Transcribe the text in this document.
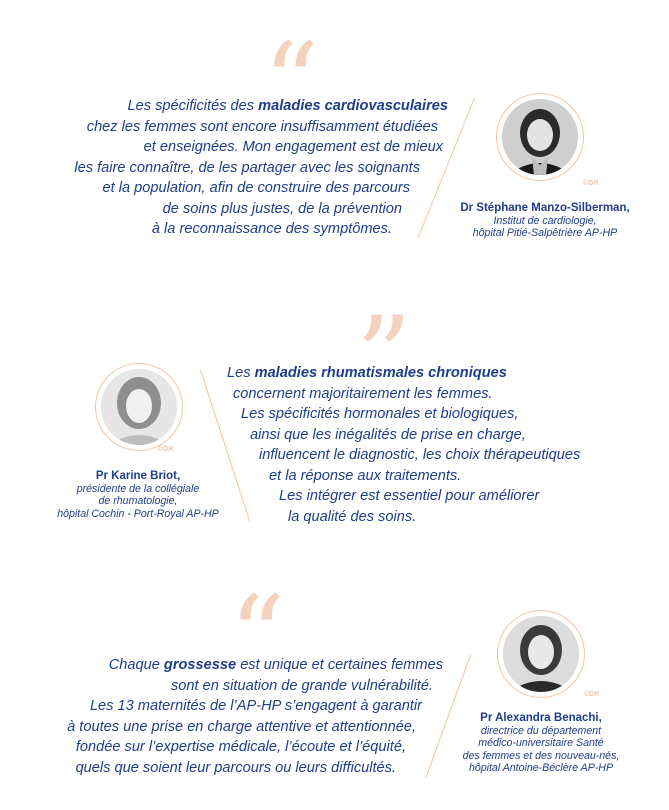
“
Les spécificités des maladies cardiovasculaires
chez les femmes sont encore insuffisamment étudiées
et enseignées. Mon engagement est de mieux
les faire connaître, de les partager avec les soignants
et la population, afin de construire des parcours
de soins plus justes, de la prévention
à la reconnaissance des symptômes.
©DR
Dr Stéphane Manzo-Silberman,
Institut de cardiologie,
hôpital Pitié-Salpêtrière AP-HP
“
©DR
Pr Karine Briot,
présidente de la collégiale
de rhumatologie,
hôpital Cochin - Port-Royal AP-HP
Les maladies rhumatismales chroniques
concernent majoritairement les femmes.
Les spécificités hormonales et biologiques,
ainsi que les inégalités de prise en charge,
influencent le diagnostic, les choix thérapeutiques
et la réponse aux traitements.
Les intégrer est essentiel pour améliorer
la qualité des soins.
“
Chaque grossesse est unique et certaines femmes
sont en situation de grande vulnérabilité.
Les 13 maternités de l’AP-HP s’engagent à garantir
à toutes une prise en charge attentive et attentionnée,
fondée sur l’expertise médicale, l’écoute et l’équité,
quels que soient leur parcours ou leurs difficultés.
©DR
Pr Alexandra Benachi,
directrice du département
médico-universitaire Santé
des femmes et des nouveau-nés,
hôpital Antoine-Béclère AP-HP
